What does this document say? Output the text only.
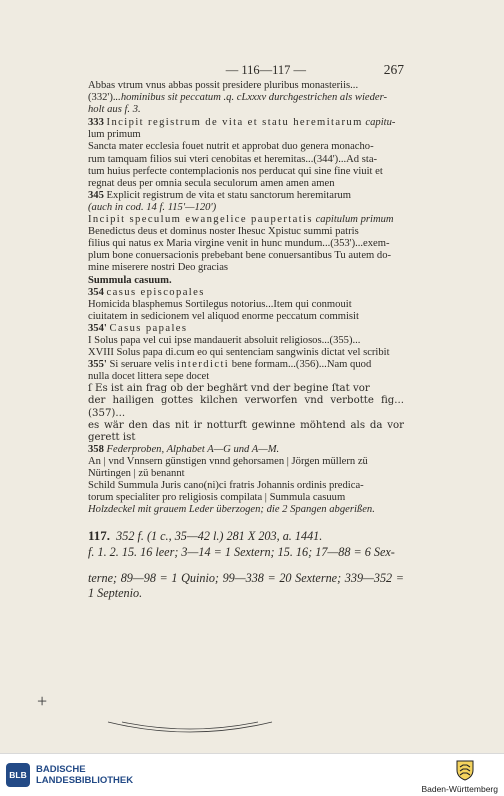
— 116—117 —	267

Abbas vtrum vnus abbas possit presidere pluribus monasteriis...

(332')...hominibus sit peccatum .q. cLxxxv durchgestrichen als wieder-

holt aus f. 3.

333 Incipit registrum de vita et statu heremitarum capitu-

lum primum

Sancta mater ecclesia fouet nutrit et approbat duo genera monacho-

rum tamquam filios sui vteri cenobitas et heremitas...(344')...Ad sta-

tum huius perfecte contemplacionis nos perducat qui sine fine viuit et

regnat deus per omnia secula seculorum amen amen amen

345 Explicit registrum de vita et statu sanctorum heremitarum

(auch in cod. 14 f. 115'—120')

Incipit speculum ewangelice paupertatis capitulum primum

Benedictus deus et dominus noster Ihesuc Xpistuc summi patris

filius qui natus ex Maria virgine venit in hunc mundum...(353')...exem-

plum bone conuersacionis prebebant bene conuersantibus Tu autem do-

mine miserere nostri Deo gracias

Summula casuum.

354 casus episcopales

Homicida blasphemus Sortilegus notorius...Item qui conmouit

ciuitatem in sedicionem vel aliquod enorme peccatum commisit

354' Casus papales

I Solus papa vel cui ipse mandauerit absoluit religiosos...(355)...

XVIII Solus papa di.cum eo qui sentenciam sangwinis dictat vel scribit

355' Si seruare velis interdicti bene formam...(356)...Nam quod

nulla docet littera sepe docet

ſ Es ist ain frag ob der beghärt vnd der begine ſtat vor

der hailigen gottes kilchen verworfen vnd verbotte fig...(357)...

es wär den das nit ir notturft gewinne möhtend als da vor gerett ist

358 Federproben, Alphabet A—G und A—M.

An | vnd Vnnsern günstigen vnnd gehorsamen | Jörgen müllern zü

Nürtingen | zü benannt

Schild Summula Juris cano(ni)ci fratris Johannis ordinis predica-

torum specialiter pro religiosis compilata | Summula casuum

Holzdeckel mit grauem Leder überzogen; die 2 Spangen abgerißen.

117. 352 f. (1 c., 35—42 l.) 281 X 203, a. 1441.

f. 1. 2. 15. 16 leer; 3—14 = 1 Sextern; 15. 16; 17—88 = 6 Sex-

terne; 89—98 = 1 Quinio; 99—338 = 20 Sexterne; 339—352 = 1 Septenio.

+
BLB BADISCHE
LANDESBIBLIOTHEK
Baden-Württemberg
